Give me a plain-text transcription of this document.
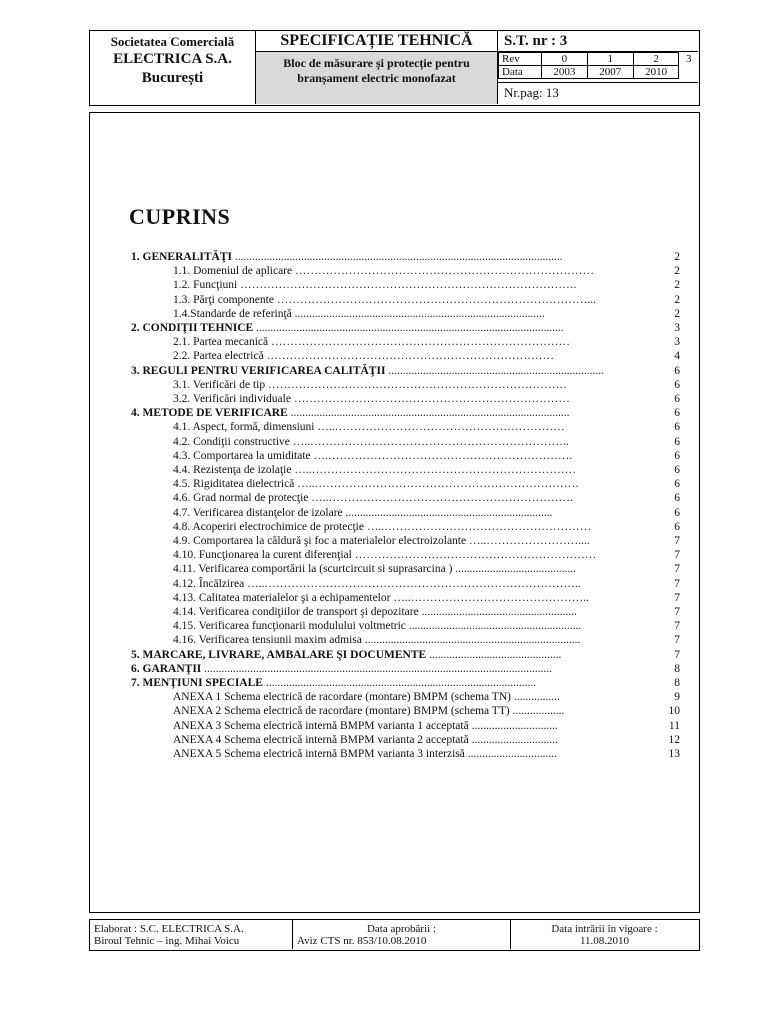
Societatea Comercială
ELECTRICA S.A.
București
SPECIFICAȚIE TEHNICĂ
Bloc de măsurare și protecție pentru
branșament electric monofazat
S.T. nr : 3
Rev	0	1	2	3
Data	2003	2007	2010	
Nr.pag: 13
CUPRINS
1. GENERALITĂŢI ..................................................................................................................	2
1.1. Domeniul de aplicare ……………………………………………………………………	2
1.2. Funcţiuni …………………………………………………………………………….	2
1.3. Părţi componente ………………………………………………………………………...	2
1.4.Standarde de referinţă .......................................................................................	2
2. CONDIŢII TEHNICE ...........................................................................................................	3
2.1. Partea mecanică ……………………………………………………………………	3
2.2. Partea electrică …………………………………………………………………	4
3. REGULI PENTRU VERIFICAREA CALITĂŢII ...........................................................................	6
3.1. Verificări de tip ……………………………………………………………………	6
3.2. Verificări individuale ………………………………………………………………	6
4. METODE DE VERIFICARE .................................................................................................	6
4.1. Aspect, formă, dimensiuni …..……………………………………………………	6
4.2. Condiţii constructive …..…………………………………………………………..	6
4.3. Comportarea la umiditate ….……………………………………………………….	6
4.4. Rezistenţa de izolaţie …..……………………………………………………………	6
4.5. Rigiditatea dielectrică …..……………………………………………………………	6
4.6. Grad normal de protecţie …..……………………………………………………….	6
4.7. Verificarea distanţelor de izolare ........................................................................	6
4.8. Acoperiri electrochimice de protecţie …..………………………………………………	6
4.9. Comportarea la căldură şi foc a materialelor electroizolante …..……………………....	7
4.10. Funcţionarea la curent diferenţial ………………………………………………………	7
4.11. Verificarea comportării la (scurtcircuit si suprasarcina ) ..........................................	7
4.12. Încălzirea …..………………………………………………………………………..	7
4.13. Calitatea materialelor şi a echipamentelor …..………………………………………..	7
4.14. Verificarea condiţiilor de transport şi depozitare ......................................................	7
4.15. Verificarea funcţionarii modulului voltmetric ............................................................	7
4.16. Verificarea tensiunii maxim admisa ...........................................................................	7
5. MARCARE, LIVRARE, AMBALARE ŞI DOCUMENTE ..............................................	7
6. GARANŢII .........................................................................................................................	8
7. MENŢIUNI SPECIALE ..............................................................................................	8
ANEXA 1 Schema electrică de racordare (montare) BMPM (schema TN) ................	9
ANEXA 2 Schema electrică de racordare (montare) BMPM (schema TT) ..................	10
ANEXA 3 Schema electrică internă BMPM varianta 1 acceptată ..............................	11
ANEXA 4 Schema electrică internă BMPM varianta 2 acceptată ..............................	12
ANEXA 5 Schema electrică internă BMPM varianta 3 interzisă ...............................	13
Elaborat : S.C. ELECTRICA S.A.
Biroul Tehnic – ing. Mihai Voicu
Data aprobării :
Aviz CTS nr. 853/10.08.2010
Data intrării în vigoare :
11.08.2010
